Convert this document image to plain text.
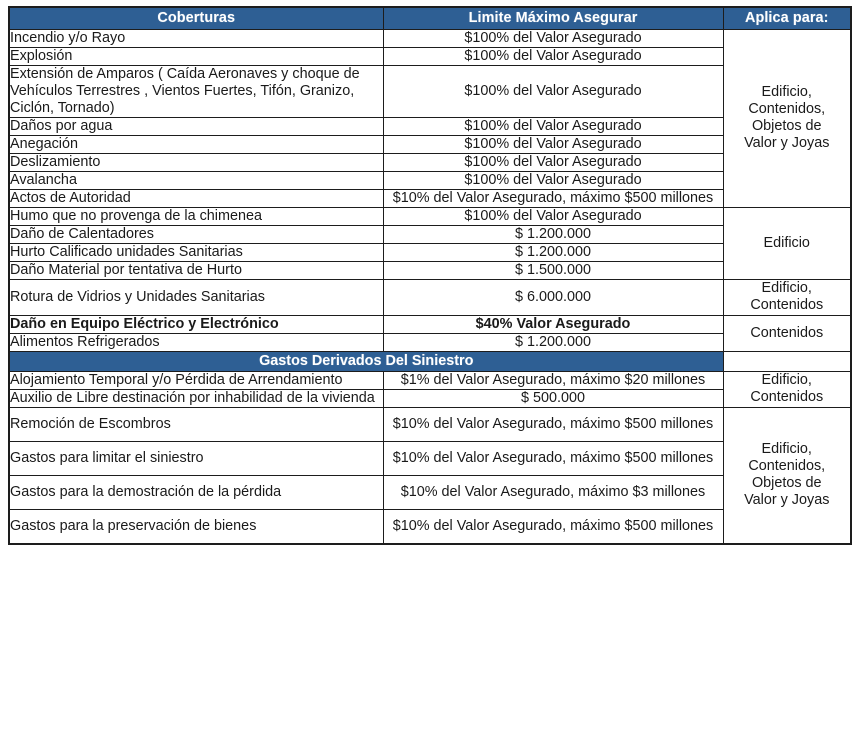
Coberturas	Limite Máximo Asegurar	Aplica para:
Incendio y/o Rayo	$100% del Valor Asegurado	Edificio,
Contenidos,
Objetos de
Valor y Joyas

Explosión	$100% del Valor Asegurado	
Extensión de Amparos ( Caída Aeronaves y choque de Vehículos Terrestres , Vientos Fuertes, Tifón, Granizo, Ciclón, Tornado)	$100% del Valor Asegurado	
Daños por agua	$100% del Valor Asegurado	
Anegación	$100% del Valor Asegurado	
Deslizamiento	$100% del Valor Asegurado	
Avalancha	$100% del Valor Asegurado	
Actos de Autoridad	$10% del Valor Asegurado, máximo $500 millones	
Humo que no provenga de la chimenea	$100% del Valor Asegurado	Edificio
Daño de Calentadores	$ 1.200.000	
Hurto Calificado unidades Sanitarias	$ 1.200.000	
Daño Material por tentativa de Hurto	$ 1.500.000	
Rotura de Vidrios y Unidades Sanitarias	$ 6.000.000	Edificio,
Contenidos

Daño en Equipo Eléctrico y Electrónico	$40% Valor Asegurado	Contenidos
Alimentos Refrigerados	$ 1.200.000	
Gastos Derivados Del Siniestro		
Alojamiento Temporal y/o Pérdida de Arrendamiento	$1% del Valor Asegurado, máximo $20 millones	Edificio,
Contenidos

Auxilio de Libre destinación por inhabilidad de la vivienda	$ 500.000	
Remoción de Escombros	$10% del Valor Asegurado, máximo $500 millones	Edificio,
Contenidos,
Objetos de
Valor y Joyas

Gastos para limitar el siniestro	$10% del Valor Asegurado, máximo $500 millones	
Gastos para la demostración de la pérdida	$10% del Valor Asegurado, máximo $3 millones	
Gastos para la preservación de bienes	$10% del Valor Asegurado, máximo $500 millones	
